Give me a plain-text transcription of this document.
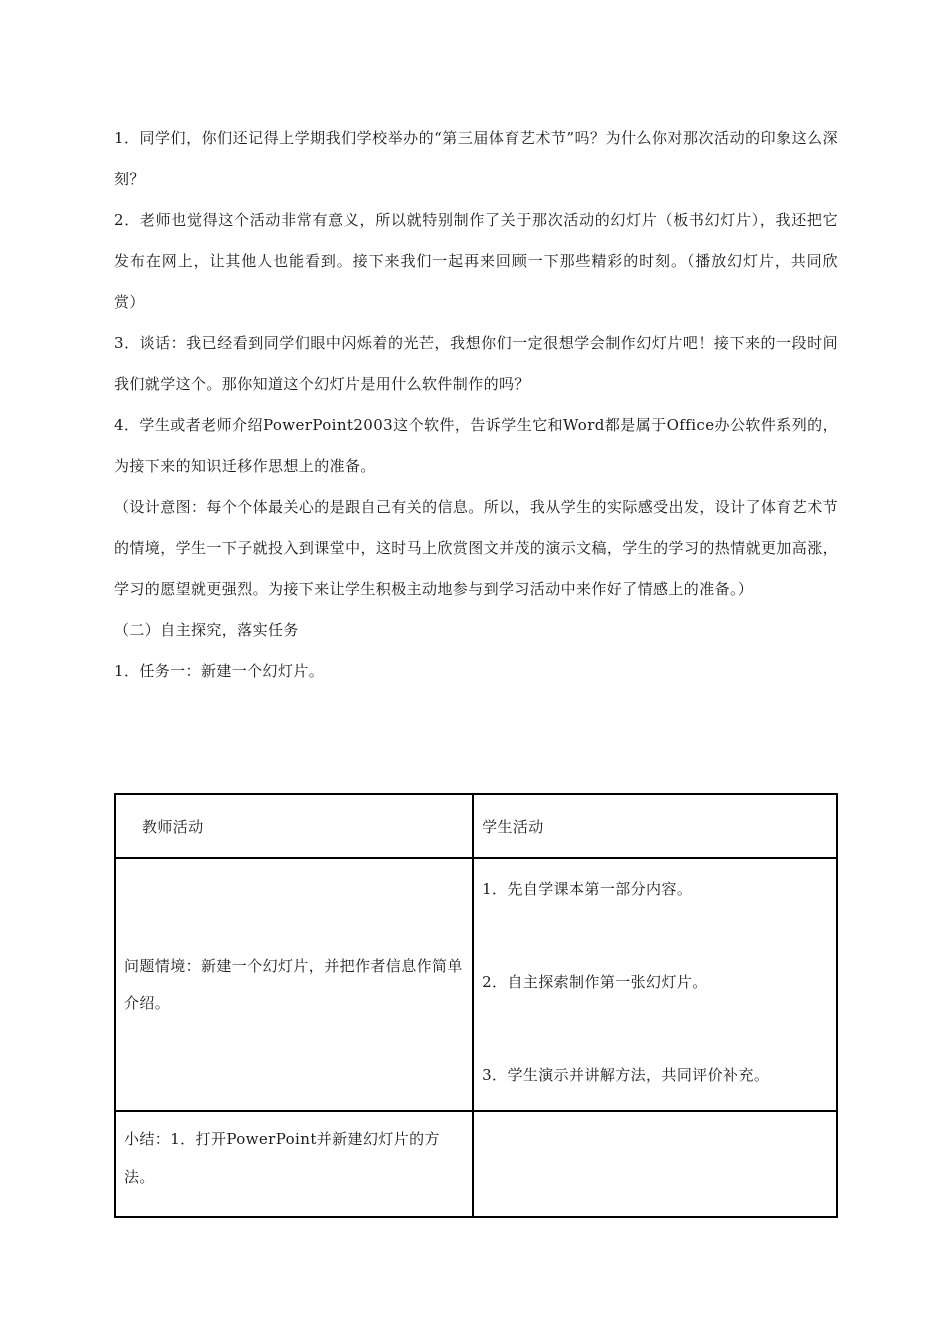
1．同学们，你们还记得上学期我们学校举办的“第三届体育艺术节”吗？为什么你对那次活动的印象这么深刻？

2．老师也觉得这个活动非常有意义，所以就特别制作了关于那次活动的幻灯片（板书幻灯片），我还把它发布在网上，让其他人也能看到。接下来我们一起再来回顾一下那些精彩的时刻。（播放幻灯片，共同欣赏）

3．谈话：我已经看到同学们眼中闪烁着的光芒，我想你们一定很想学会制作幻灯片吧！接下来的一段时间我们就学这个。那你知道这个幻灯片是用什么软件制作的吗？

4．学生或者老师介绍PowerPoint2003这个软件，告诉学生它和Word都是属于Office办公软件系列的，为接下来的知识迁移作思想上的准备。

（设计意图：每个个体最关心的是跟自己有关的信息。所以，我从学生的实际感受出发，设计了体育艺术节的情境，学生一下子就投入到课堂中，这时马上欣赏图文并茂的演示文稿，学生的学习的热情就更加高涨，学习的愿望就更强烈。为接下来让学生积极主动地参与到学习活动中来作好了情感上的准备。）

（二）自主探究，落实任务

1．任务一：新建一个幻灯片。

教师活动	学生活动

问题情境：新建一个幻灯片，并把作者信息作简单介绍。	1．先自学课本第一部分内容。
2．自主探索制作第一张幻灯片。
3．学生演示并讲解方法，共同评价补充。

小结：1．打开PowerPoint并新建幻灯片的方法。	
